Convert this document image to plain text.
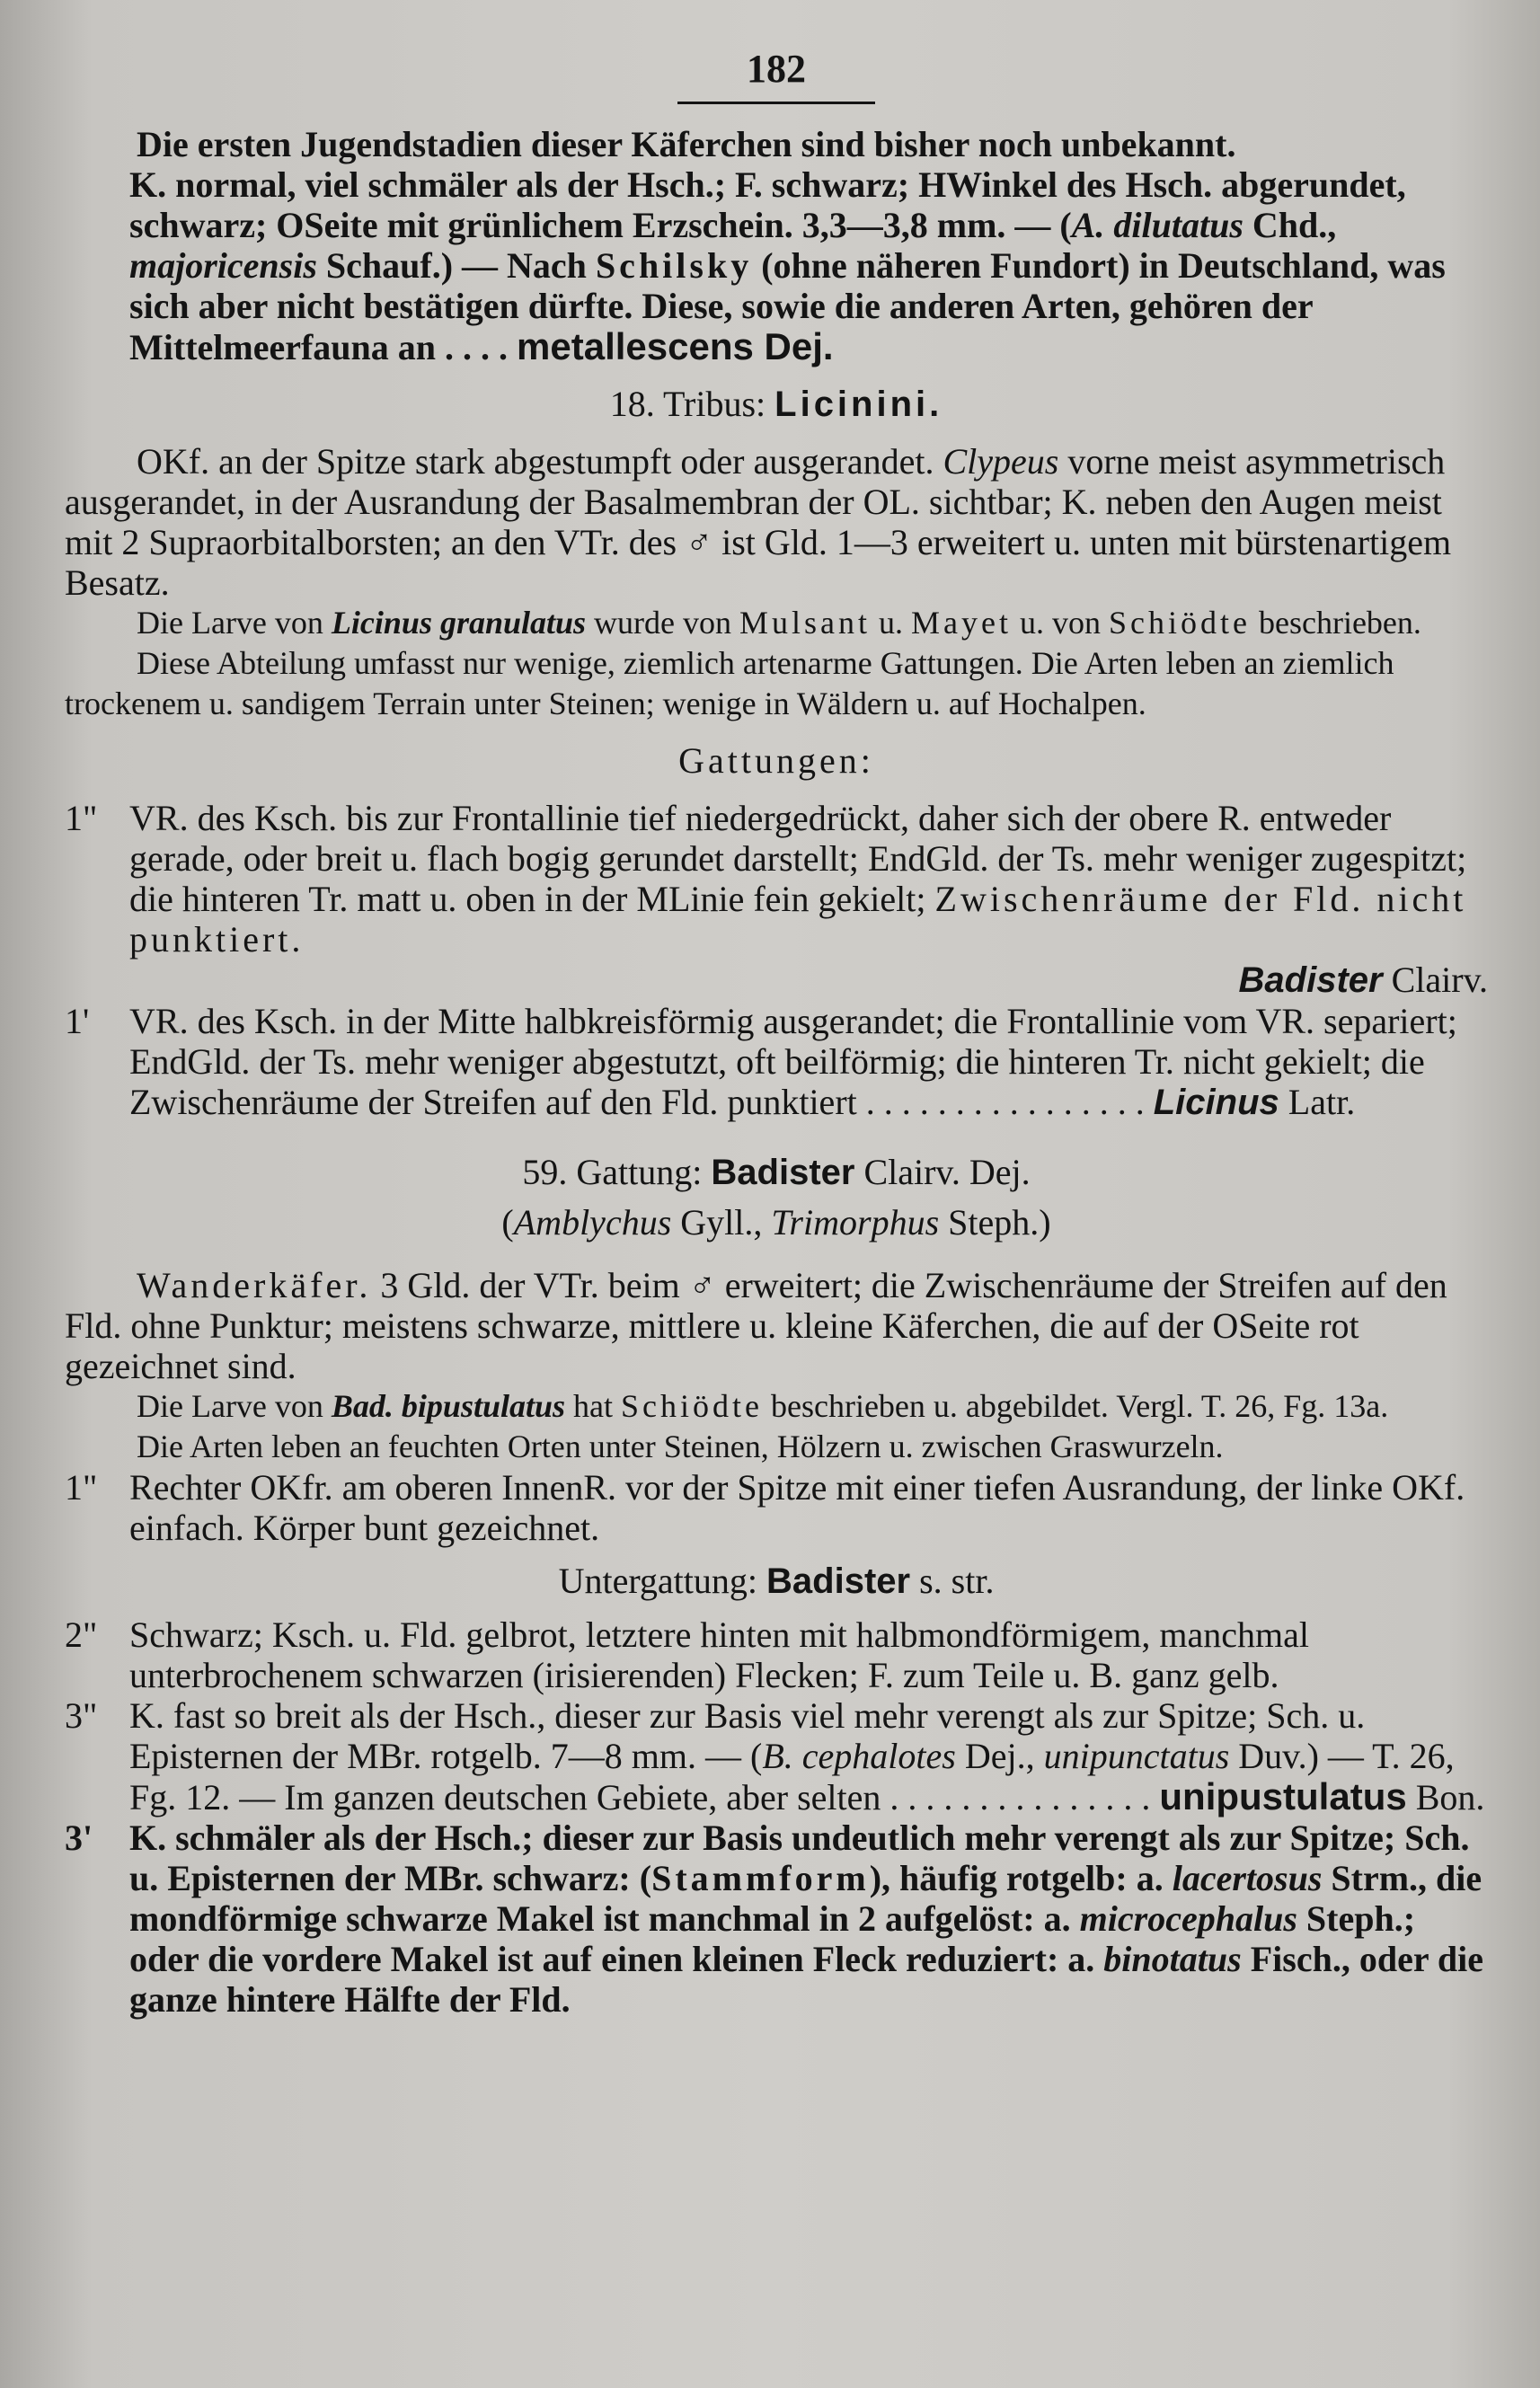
182

Die ersten Jugendstadien dieser Käferchen sind bisher noch unbekannt.

K. normal, viel schmäler als der Hsch.; F. schwarz; HWinkel des Hsch. abgerundet, schwarz; OSeite mit grünlichem Erzschein. 3,3—3,8 mm. — (A. dilutatus Chd., majoricensis Schauf.) — Nach Schilsky (ohne näheren Fundort) in Deutschland, was sich aber nicht bestätigen dürfte. Diese, sowie die anderen Arten, gehören der Mittelmeerfauna an . . . . metallescens Dej.

18. Tribus: Licinini.

OKf. an der Spitze stark abgestumpft oder ausgerandet. Clypeus vorne meist asymmetrisch ausgerandet, in der Ausrandung der Basalmembran der OL. sichtbar; K. neben den Augen meist mit 2 Supraorbitalborsten; an den VTr. des ♂ ist Gld. 1—3 erweitert u. unten mit bürstenartigem Besatz.

Die Larve von Licinus granulatus wurde von Mulsant u. Mayet u. von Schiödte beschrieben.

Diese Abteilung umfasst nur wenige, ziemlich artenarme Gattungen. Die Arten leben an ziemlich trockenem u. sandigem Terrain unter Steinen; wenige in Wäldern u. auf Hochalpen.

Gattungen:
1" VR. des Ksch. bis zur Frontallinie tief niedergedrückt, daher sich der obere R. entweder gerade, oder breit u. flach bogig gerundet darstellt; EndGld. der Ts. mehr weniger zugespitzt; die hinteren Tr. matt u. oben in der MLinie fein gekielt; Zwischenräume der Fld. nicht punktiert.
Badister Clairv.
1'	VR. des Ksch. in der Mitte halbkreisförmig ausgerandet; die Frontallinie vom VR. separiert; EndGld. der Ts. mehr weniger abgestutzt, oft beilförmig; die hinteren Tr. nicht gekielt; die Zwischenräume der Streifen auf den Fld. punktiert . . . . . . . . . . . . . . . . Licinus Latr.
59. Gattung: Badister Clairv. Dej.
(Amblychus Gyll., Trimorphus Steph.)

Wanderkäfer. 3 Gld. der VTr. beim ♂ erweitert; die Zwischenräume der Streifen auf den Fld. ohne Punktur; meistens schwarze, mittlere u. kleine Käferchen, die auf der OSeite rot gezeichnet sind.

Die Larve von Bad. bipustulatus hat Schiödte beschrieben u. abgebildet. Vergl. T. 26, Fg. 13a.

Die Arten leben an feuchten Orten unter Steinen, Hölzern u. zwischen Graswurzeln.

1" Rechter OKfr. am oberen InnenR. vor der Spitze mit einer tiefen Ausrandung, der linke OKf. einfach. Körper bunt gezeichnet.
Untergattung: Badister s. str.
2" Schwarz; Ksch. u. Fld. gelbrot, letztere hinten mit halbmondförmigem, manchmal unterbrochenem schwarzen (irisierenden) Flecken; F. zum Teile u. B. ganz gelb.
3" K. fast so breit als der Hsch., dieser zur Basis viel mehr verengt als zur Spitze; Sch. u. Episternen der MBr. rotgelb. 7—8 mm. — (B. cephalotes Dej., unipunctatus Duv.) — T. 26, Fg. 12. — Im ganzen deutschen Gebiete, aber selten . . . . . . . . . . . . . . . unipustulatus Bon.
3'	K. schmäler als der Hsch.; dieser zur Basis undeutlich mehr verengt als zur Spitze; Sch. u. Episternen der MBr. schwarz: (Stammform), häufig rotgelb: a. lacertosus Strm., die mondförmige schwarze Makel ist manchmal in 2 aufgelöst: a. microcephalus Steph.; oder die vordere Makel ist auf einen kleinen Fleck reduziert: a. binotatus Fisch., oder die ganze hintere Hälfte der Fld.
